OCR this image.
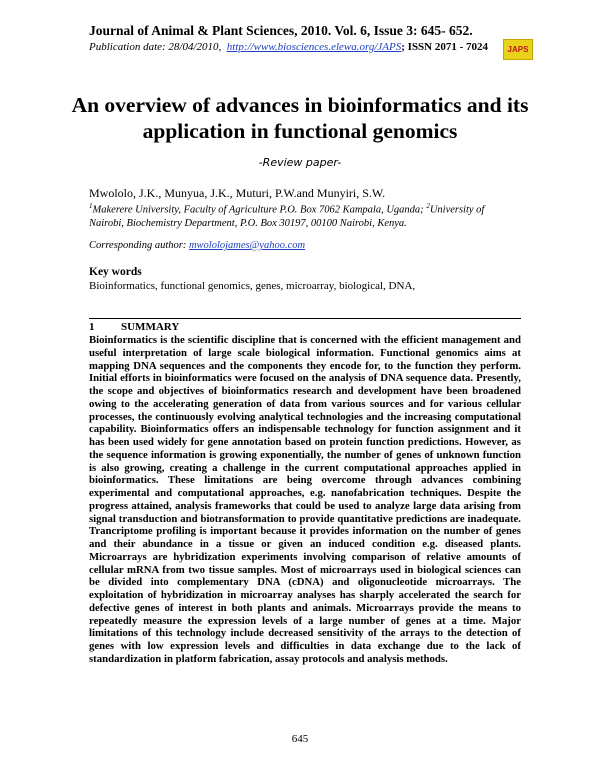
Journal of Animal & Plant Sciences, 2010. Vol. 6, Issue 3: 645- 652.
Publication date: 28/04/2010, http://www.biosciences.elewa.org/JAPS; ISSN 2071 - 7024	JAPS
An overview of advances in bioinformatics and its application in functional genomics
-Review paper-
Mwololo, J.K., Munyua, J.K., Muturi, P.W.and Munyiri, S.W.
$^1$Makerere University, Faculty of Agriculture P.O. Box 7062 Kampala, Uganda; $^2$University of Nairobi, Biochemistry Department, P.O. Box 30197, 00100 Nairobi, Kenya.
Corresponding author: mwololojames@yahoo.com
Key words
Bioinformatics, functional genomics, genes, microarray, biological, DNA,
1 SUMMARY

Bioinformatics is the scientific discipline that is concerned with the efficient management and useful interpretation of large scale biological information. Functional genomics aims at mapping DNA sequences and the components they encode for, to the function they perform. Initial efforts in bioinformatics were focused on the analysis of DNA sequence data. Presently, the scope and objectives of bioinformatics research and development have been broadened owing to the accelerating generation of data from various sources and for various cellular processes, the continuously evolving analytical technologies and the increasing computational capability. Bioinformatics offers an indispensable technology for function assignment and it has been used widely for gene annotation based on protein function predictions. However, as the sequence information is growing exponentially, the number of genes of unknown function is also growing, creating a challenge in the current computational approaches applied in bioinformatics. These limitations are being overcome through advances combining experimental and computational approaches, e.g. nanofabrication techniques. Despite the progress attained, analysis frameworks that could be used to analyze large data arising from signal transduction and biotransformation to provide quantitative predictions are inadequate. Trancriptome profiling is important because it provides information on the number of genes and their abundance in a tissue or given an induced condition e.g. diseased plants. Microarrays are hybridization experiments involving comparison of relative amounts of cellular mRNA from two tissue samples. Most of microarrays used in biological sciences can be divided into complementary DNA (cDNA) and oligonucleotide microarrays. The exploitation of hybridization in microarray analyses has sharply accelerated the search for defective genes of interest in both plants and animals. Microarrays provide the means to repeatedly measure the expression levels of a large number of genes at a time. Major limitations of this technology include decreased sensitivity of the arrays to the detection of genes with low expression levels and difficulties in data exchange due to the lack of standardization in platform fabrication, assay protocols and analysis methods.

645
